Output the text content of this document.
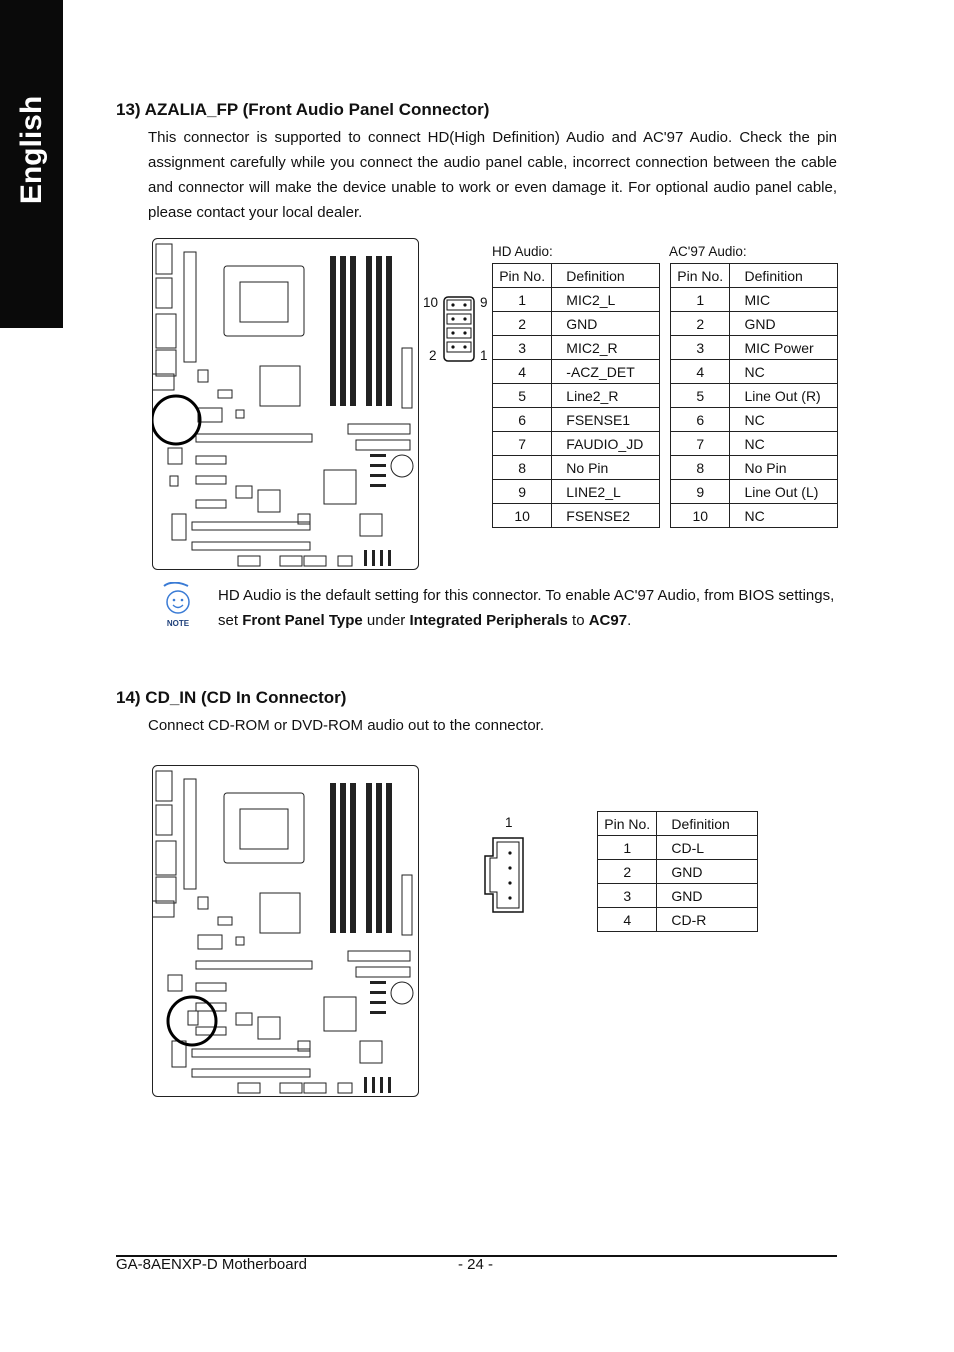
English	13) AZALIA_FP (Front Audio Panel Connector)
This connector is supported to connect HD(High Definition) Audio and AC'97 Audio. Check the pin assignment carefully while you connect the audio panel cable, incorrect connection between the cable and connector will make the device unable to work or even damage it. For optional audio panel cable, please contact your local dealer.
10	9
2	1
HD Audio:
Pin No.	Definition
1	MIC2_L
2	GND
3	MIC2_R
4	-ACZ_DET
5	Line2_R
6	FSENSE1
7	FAUDIO_JD
8	No Pin
9	LINE2_L
10	FSENSE2
AC'97 Audio:
Pin No.	Definition
1	MIC
2	GND
3	MIC Power
4	NC
5	Line Out (R)
6	NC
7	NC
8	No Pin
9	Line Out (L)
10	NC
NOTE
HD Audio is the default setting for this connector. To enable AC'97 Audio, from BIOS settings, set Front Panel Type under Integrated Peripherals to AC97.
14) CD_IN (CD In Connector)
Connect CD-ROM or DVD-ROM audio out to the connector.
1	Pin No.	Definition
1	CD-L
2	GND
3	GND
4	CD-R
GA-8AENXP-D Motherboard	- 24 -
